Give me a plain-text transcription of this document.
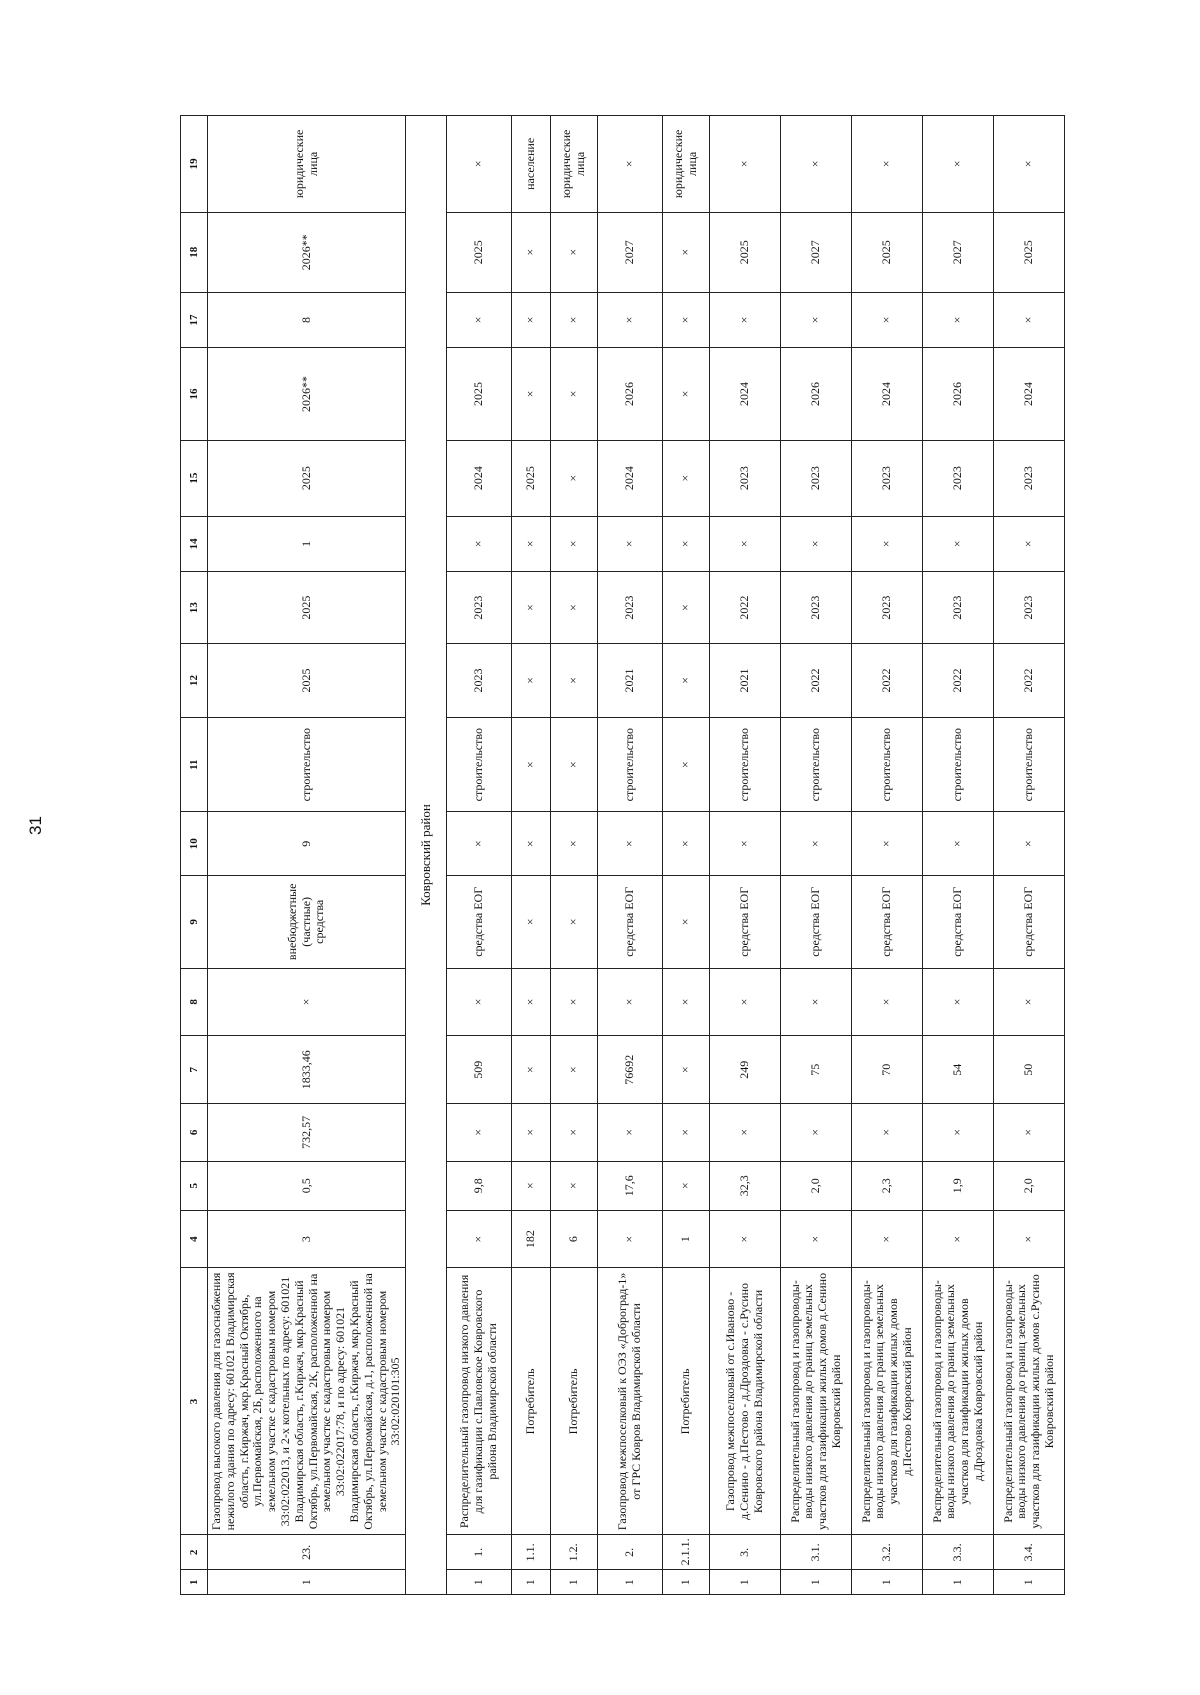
31
1	2	3	4	5	6	7	8	9	10	11	12	13	14	15	16	17	18	19
1	23.	Газопровод высокого давления для газоснабжения нежилого здания по адресу: 601021 Владимирская область, г.Киржач, мкр.Красный Октябрь, ул.Первомайская, 2Б, расположенного на земельном участке с кадастровым номером 33:02:022013, и 2-х котельных по адресу: 601021 Владимирская область, г.Киржач, мкр.Красный Октябрь, ул.Первомайская, 2К, расположенной на земельном участке с кадастровым номером 33:02:022017:78, и по адресу: 601021 Владимирская область, г.Киржач, мкр.Красный Октябрь, ул.Первомайская, д.1, расположенной на земельном участке с кадастровым номером 33:02:020101:305	3	0,5	732,57	1833,46	×	внебюджетные (частные) средства	9	строительство	2025	2025	1	2025	2026**	8	2026**	юридические лица
Ковровский район																		
1	1.	Распределительный газопровод низкого давления для газификации с.Павловское Ковровского района Владимирской области	×	9,8	×	509	×	средства ЕОГ	×	строительство	2023	2023	×	2024	2025	×	2025	×
1	1.1.	Потребитель	182	×	×	×	×	×	×	×	×	×	×	2025	×	×	×	население
1	1.2.	Потребитель	6	×	×	×	×	×	×	×	×	×	×	×	×	×	×	юридические лица
1	2.	Газопровод межпоселковый к ОЭЗ «Доброград-1» от ГРС Ковров Владимирской области	×	17,6	×	76692	×	средства ЕОГ	×	строительство	2021	2023	×	2024	2026	×	2027	×
1	2.1.1.	Потребитель	1	×	×	×	×	×	×	×	×	×	×	×	×	×	×	юридические лица
1	3.	Газопровод межпоселковый от с.Иваново - д.Сенино - д.Пестово - д.Дроздовка - с.Русино Ковровского района Владимирской области	×	32,3	×	249	×	средства ЕОГ	×	строительство	2021	2022	×	2023	2024	×	2025	×
1	3.1.	Распределительный газопровод и газопроводы-вводы низкого давления до границ земельных участков для газификации жилых домов д.Сенино Ковровский район	×	2,0	×	75	×	средства ЕОГ	×	строительство	2022	2023	×	2023	2026	×	2027	×
1	3.2.	Распределительный газопровод и газопроводы-вводы низкого давления до границ земельных участков для газификации жилых домов д.Пестово Ковровский район	×	2,3	×	70	×	средства ЕОГ	×	строительство	2022	2023	×	2023	2024	×	2025	×
1	3.3.	Распределительный газопровод и газопроводы-вводы низкого давления до границ земельных участков для газификации жилых домов д.Дроздовка Ковровский район	×	1,9	×	54	×	средства ЕОГ	×	строительство	2022	2023	×	2023	2026	×	2027	×
1	3.4.	Распределительный газопровод и газопроводы-вводы низкого давления до границ земельных участков для газификации жилых домов с.Русино Ковровский район	×	2,0	×	50	×	средства ЕОГ	×	строительство	2022	2023	×	2023	2024	×	2025	×
